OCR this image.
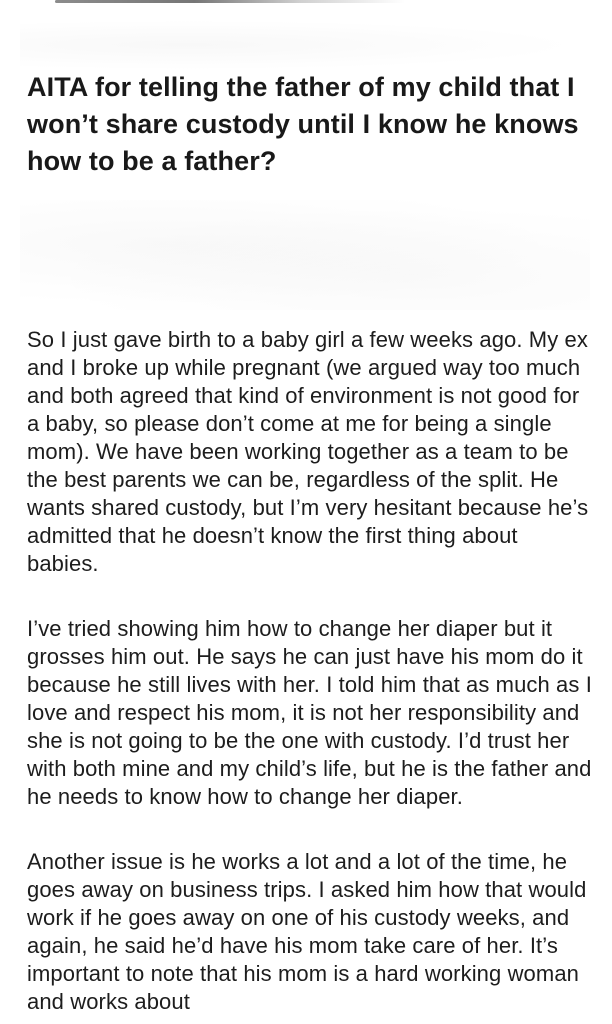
AITA for telling the father of my child that I won’t share custody until I know he knows how to be a father?

So I just gave birth to a baby girl a few weeks ago. My ex and I broke up while pregnant (we argued way too much and both agreed that kind of environment is not good for a baby, so please don’t come at me for being a single mom). We have been working together as a team to be the best parents we can be, regardless of the split. He wants shared custody, but I’m very hesitant because he’s admitted that he doesn’t know the first thing about babies.

I’ve tried showing him how to change her diaper but it grosses him out. He says he can just have his mom do it because he still lives with her. I told him that as much as I love and respect his mom, it is not her responsibility and she is not going to be the one with custody. I’d trust her with both mine and my child’s life, but he is the father and he needs to know how to change her diaper.

Another issue is he works a lot and a lot of the time, he goes away on business trips. I asked him how that would work if he goes away on one of his custody weeks, and again, he said he’d have his mom take care of her. It’s important to note that his mom is a hard working woman and works about
